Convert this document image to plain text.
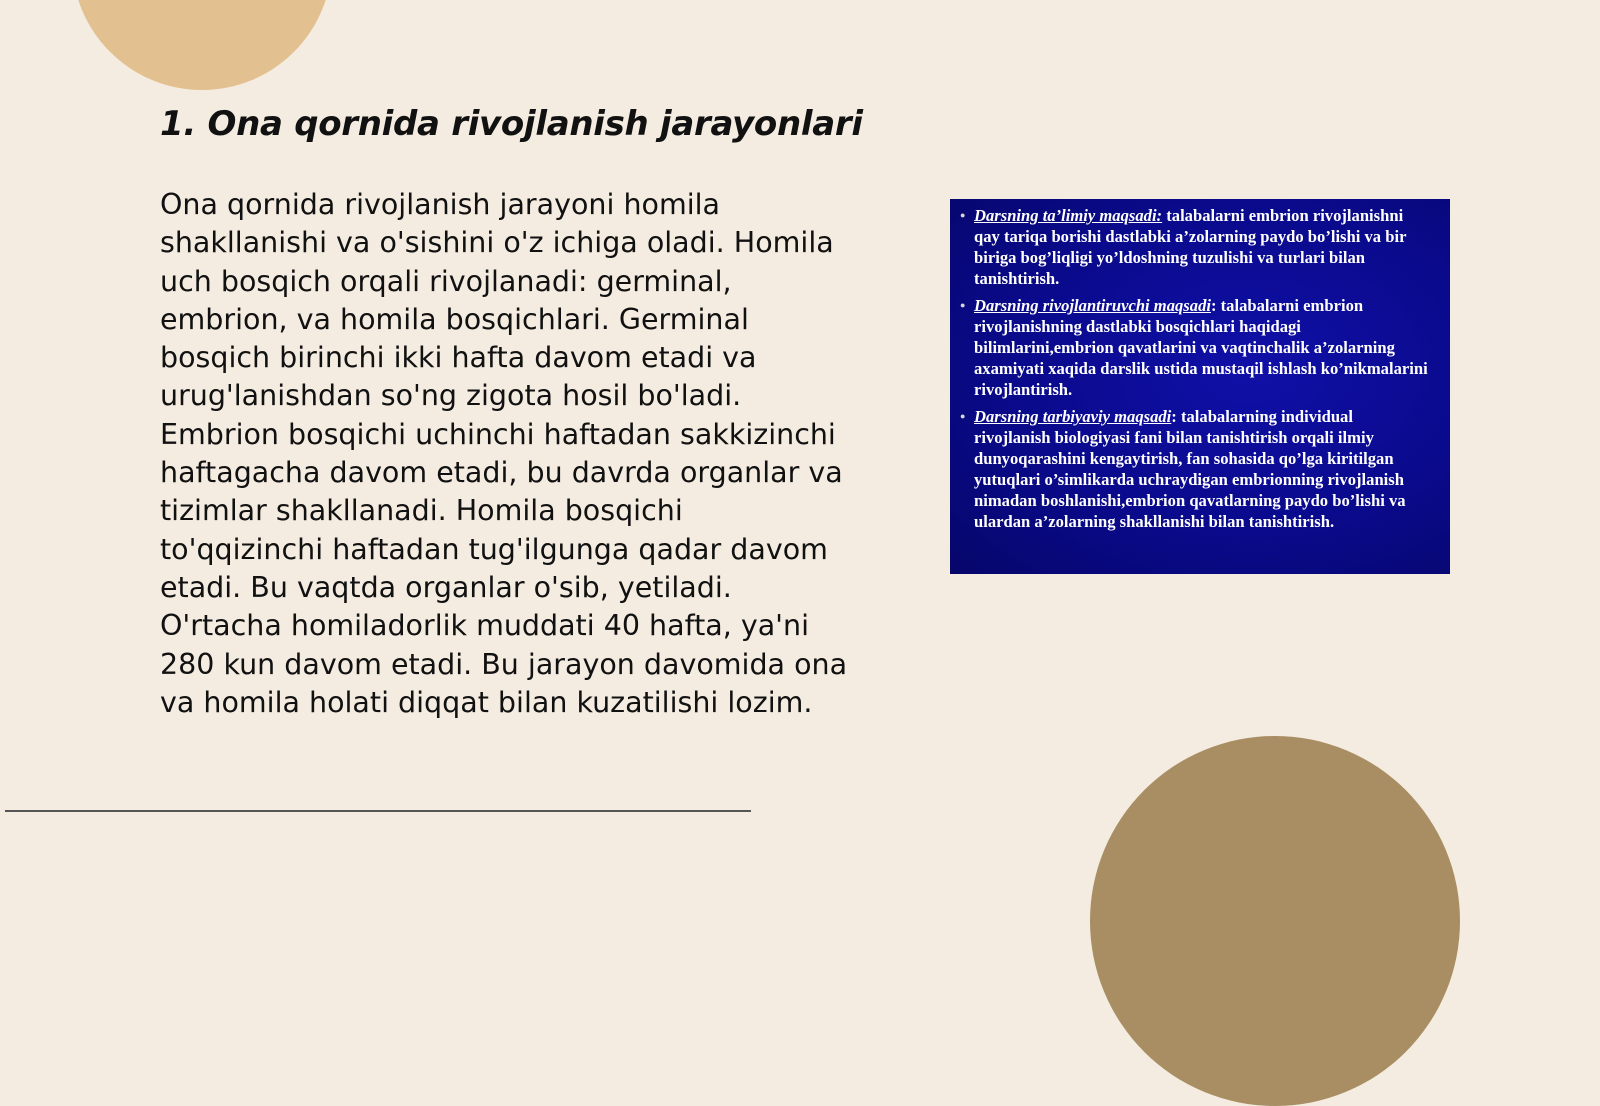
1. Ona qornida rivojlanish jarayonlari

Ona qornida rivojlanish jarayoni homila shakllanishi va o'sishini o'z ichiga oladi. Homila uch bosqich orqali rivojlanadi: germinal, embrion, va homila bosqichlari. Germinal bosqich birinchi ikki hafta davom etadi va urug'lanishdan so'ng zigota hosil bo'ladi. Embrion bosqichi uchinchi haftadan sakkizinchi haftagacha davom etadi, bu davrda organlar va tizimlar shakllanadi. Homila bosqichi to'qqizinchi haftadan tug'ilgunga qadar davom etadi. Bu vaqtda organlar o'sib, yetiladi. O'rtacha homiladorlik muddati 40 hafta, ya'ni 280 kun davom etadi. Bu jarayon davomida ona va homila holati diqqat bilan kuzatilishi lozim.

● Darsning ta’limiy maqsadi: talabalarni embrion rivojlanishni qay tariqa borishi dastlabki a’zolarning paydo bo’lishi va bir biriga bog’liqligi yo’ldoshning tuzulishi va turlari bilan tanishtirish.
● Darsning rivojlantiruvchi maqsadi: talabalarni embrion rivojlanishning dastlabki bosqichlari haqidagi bilimlarini,embrion qavatlarini va vaqtinchalik a’zolarning axamiyati xaqida darslik ustida mustaqil ishlash ko’nikmalarini rivojlantirish.
● Darsning tarbiyaviy maqsadi: talabalarning individual rivojlanish biologiyasi fani bilan tanishtirish orqali ilmiy dunyoqarashini kengaytirish, fan sohasida qo’lga kiritilgan yutuqlari o’simlikarda uchraydigan embrionning rivojlanish nimadan boshlanishi,embrion qavatlarning paydo bo’lishi va ulardan a’zolarning shakllanishi bilan tanishtirish.
